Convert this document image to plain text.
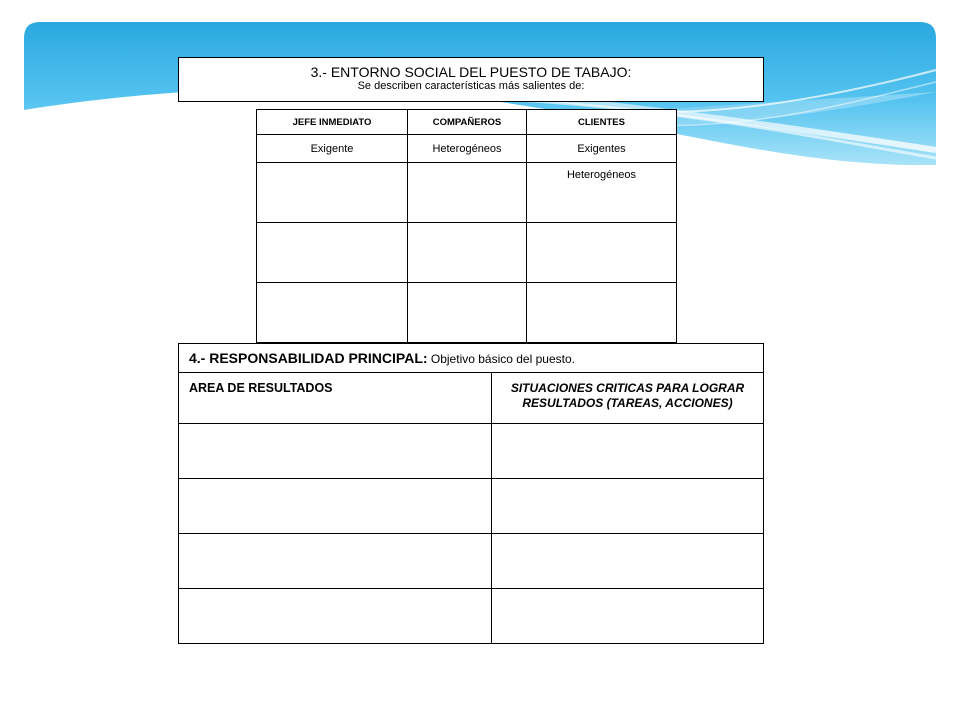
3.- ENTORNO SOCIAL DEL PUESTO DE TABAJO:
Se describen características más salientes de:
JEFE INMEDIATO	COMPAÑEROS	CLIENTES
Exigente	Heterogéneos	Exigentes
		Heterogéneos

4.- RESPONSABILIDAD PRINCIPAL: Objetivo básico del puesto.	
AREA DE RESULTADOS	SITUACIONES CRITICAS PARA LOGRAR RESULTADOS (TAREAS, ACCIONES)
